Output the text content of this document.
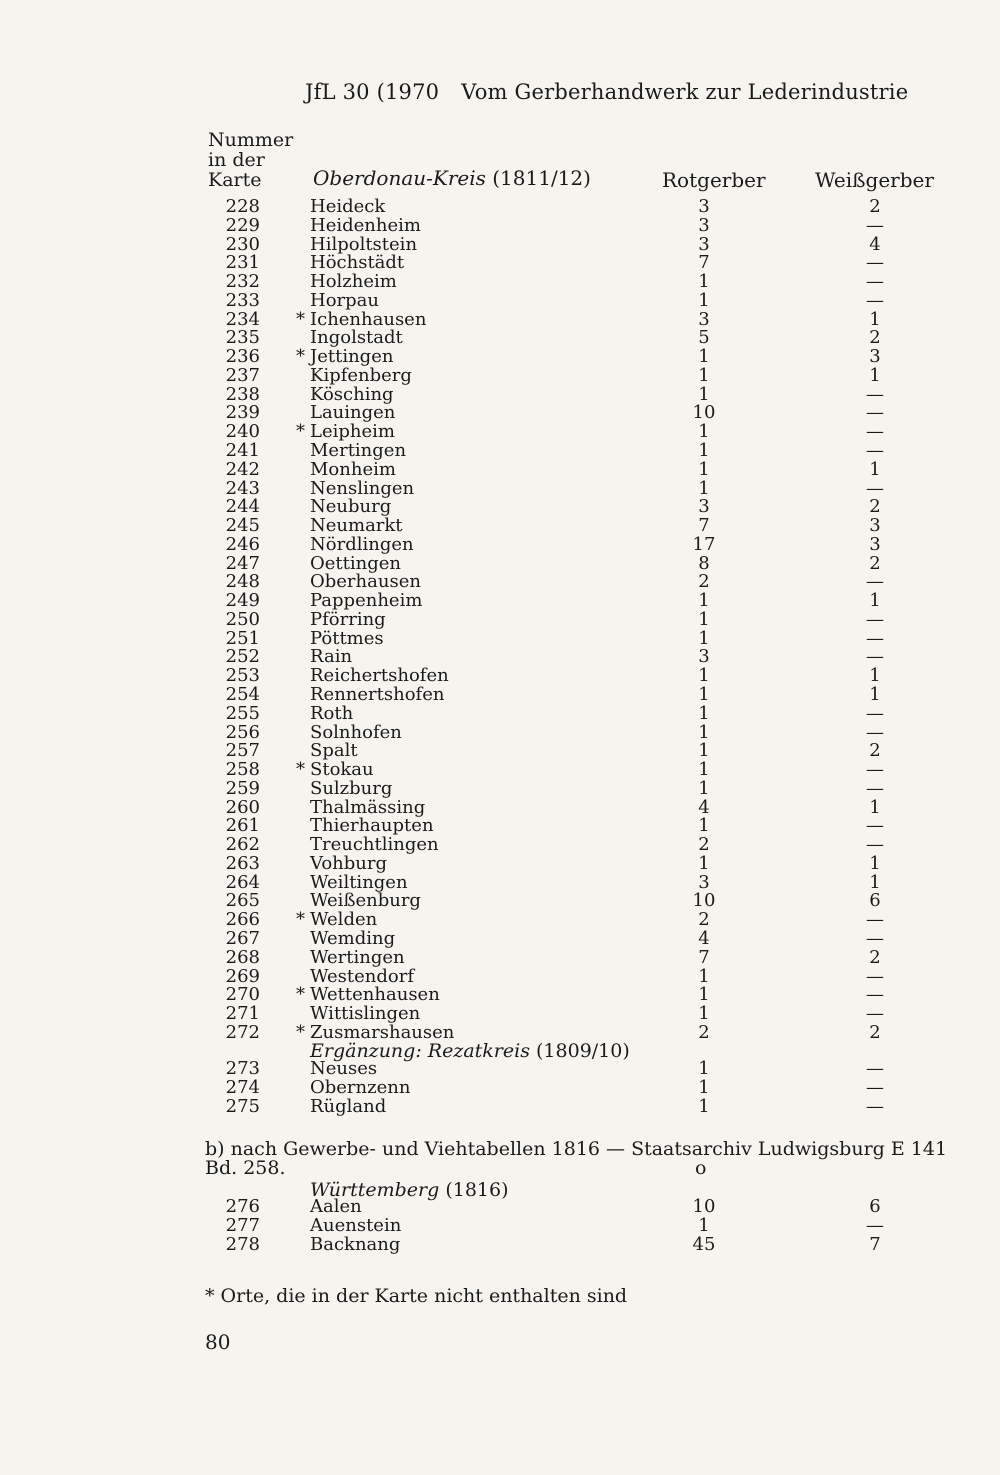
JfL 30 (1970 Vom Gerberhandwerk zur Lederindustrie
Nummer
in der
Karte	Oberdonau-Kreis (1811/12)	Rotgerber Weißgerber
228	Heideck	3	2
229	Heidenheim	3	—
230	Hilpoltstein	3	4
231	Höchstädt	7	—
232	Holzheim	1	—
233	Horpau	1	—
234 * Ichenhausen	3	1
235	Ingolstadt	5	2
236 * Jettingen	1	3
237	Kipfenberg	1	1
238	Kösching	1	—
239	Lauingen	10	—
240 * Leipheim	1	—
241	Mertingen	1	—
242	Monheim	1	1
243	Nenslingen	1	—
244	Neuburg	3	2
245	Neumarkt	7	3
246	Nördlingen	17	3
247	Oettingen	8	2
248	Oberhausen	2	—
249	Pappenheim	1	1
250	Pförring	1	—
251	Pöttmes	1	—
252	Rain	3	—
253	Reichertshofen	1	1
254	Rennertshofen	1	1
255	Roth	1	—
256	Solnhofen	1	—
257	Spalt	1	2
258 * Stokau	1	—
259	Sulzburg	1	—
260	Thalmässing	4	1
261	Thierhaupten	1	—
262	Treuchtlingen	2	—
263	Vohburg	1	1
264	Weiltingen	3	1
265	Weißenburg	10	6
266 * Welden	2	—
267	Wemding	4	—
268	Wertingen	7	2
269	Westendorf	1	—
270 * Wettenhausen	1	—
271	Wittislingen	1	—
272 * Zusmarshausen	2	2
Ergänzung: Rezatkreis (1809/10)
273	Neuses	1	—
274	Obernzenn	1	—
275	Rügland	1	—
b) nach Gewerbe- und Viehtabellen 1816 — Staatsarchiv Ludwigsburg E 141
Bd. 258.	o
Württemberg (1816)
276	Aalen	10	6
277	Auenstein	1	—
278	Backnang	45	7
* Orte, die in der Karte nicht enthalten sind
80
